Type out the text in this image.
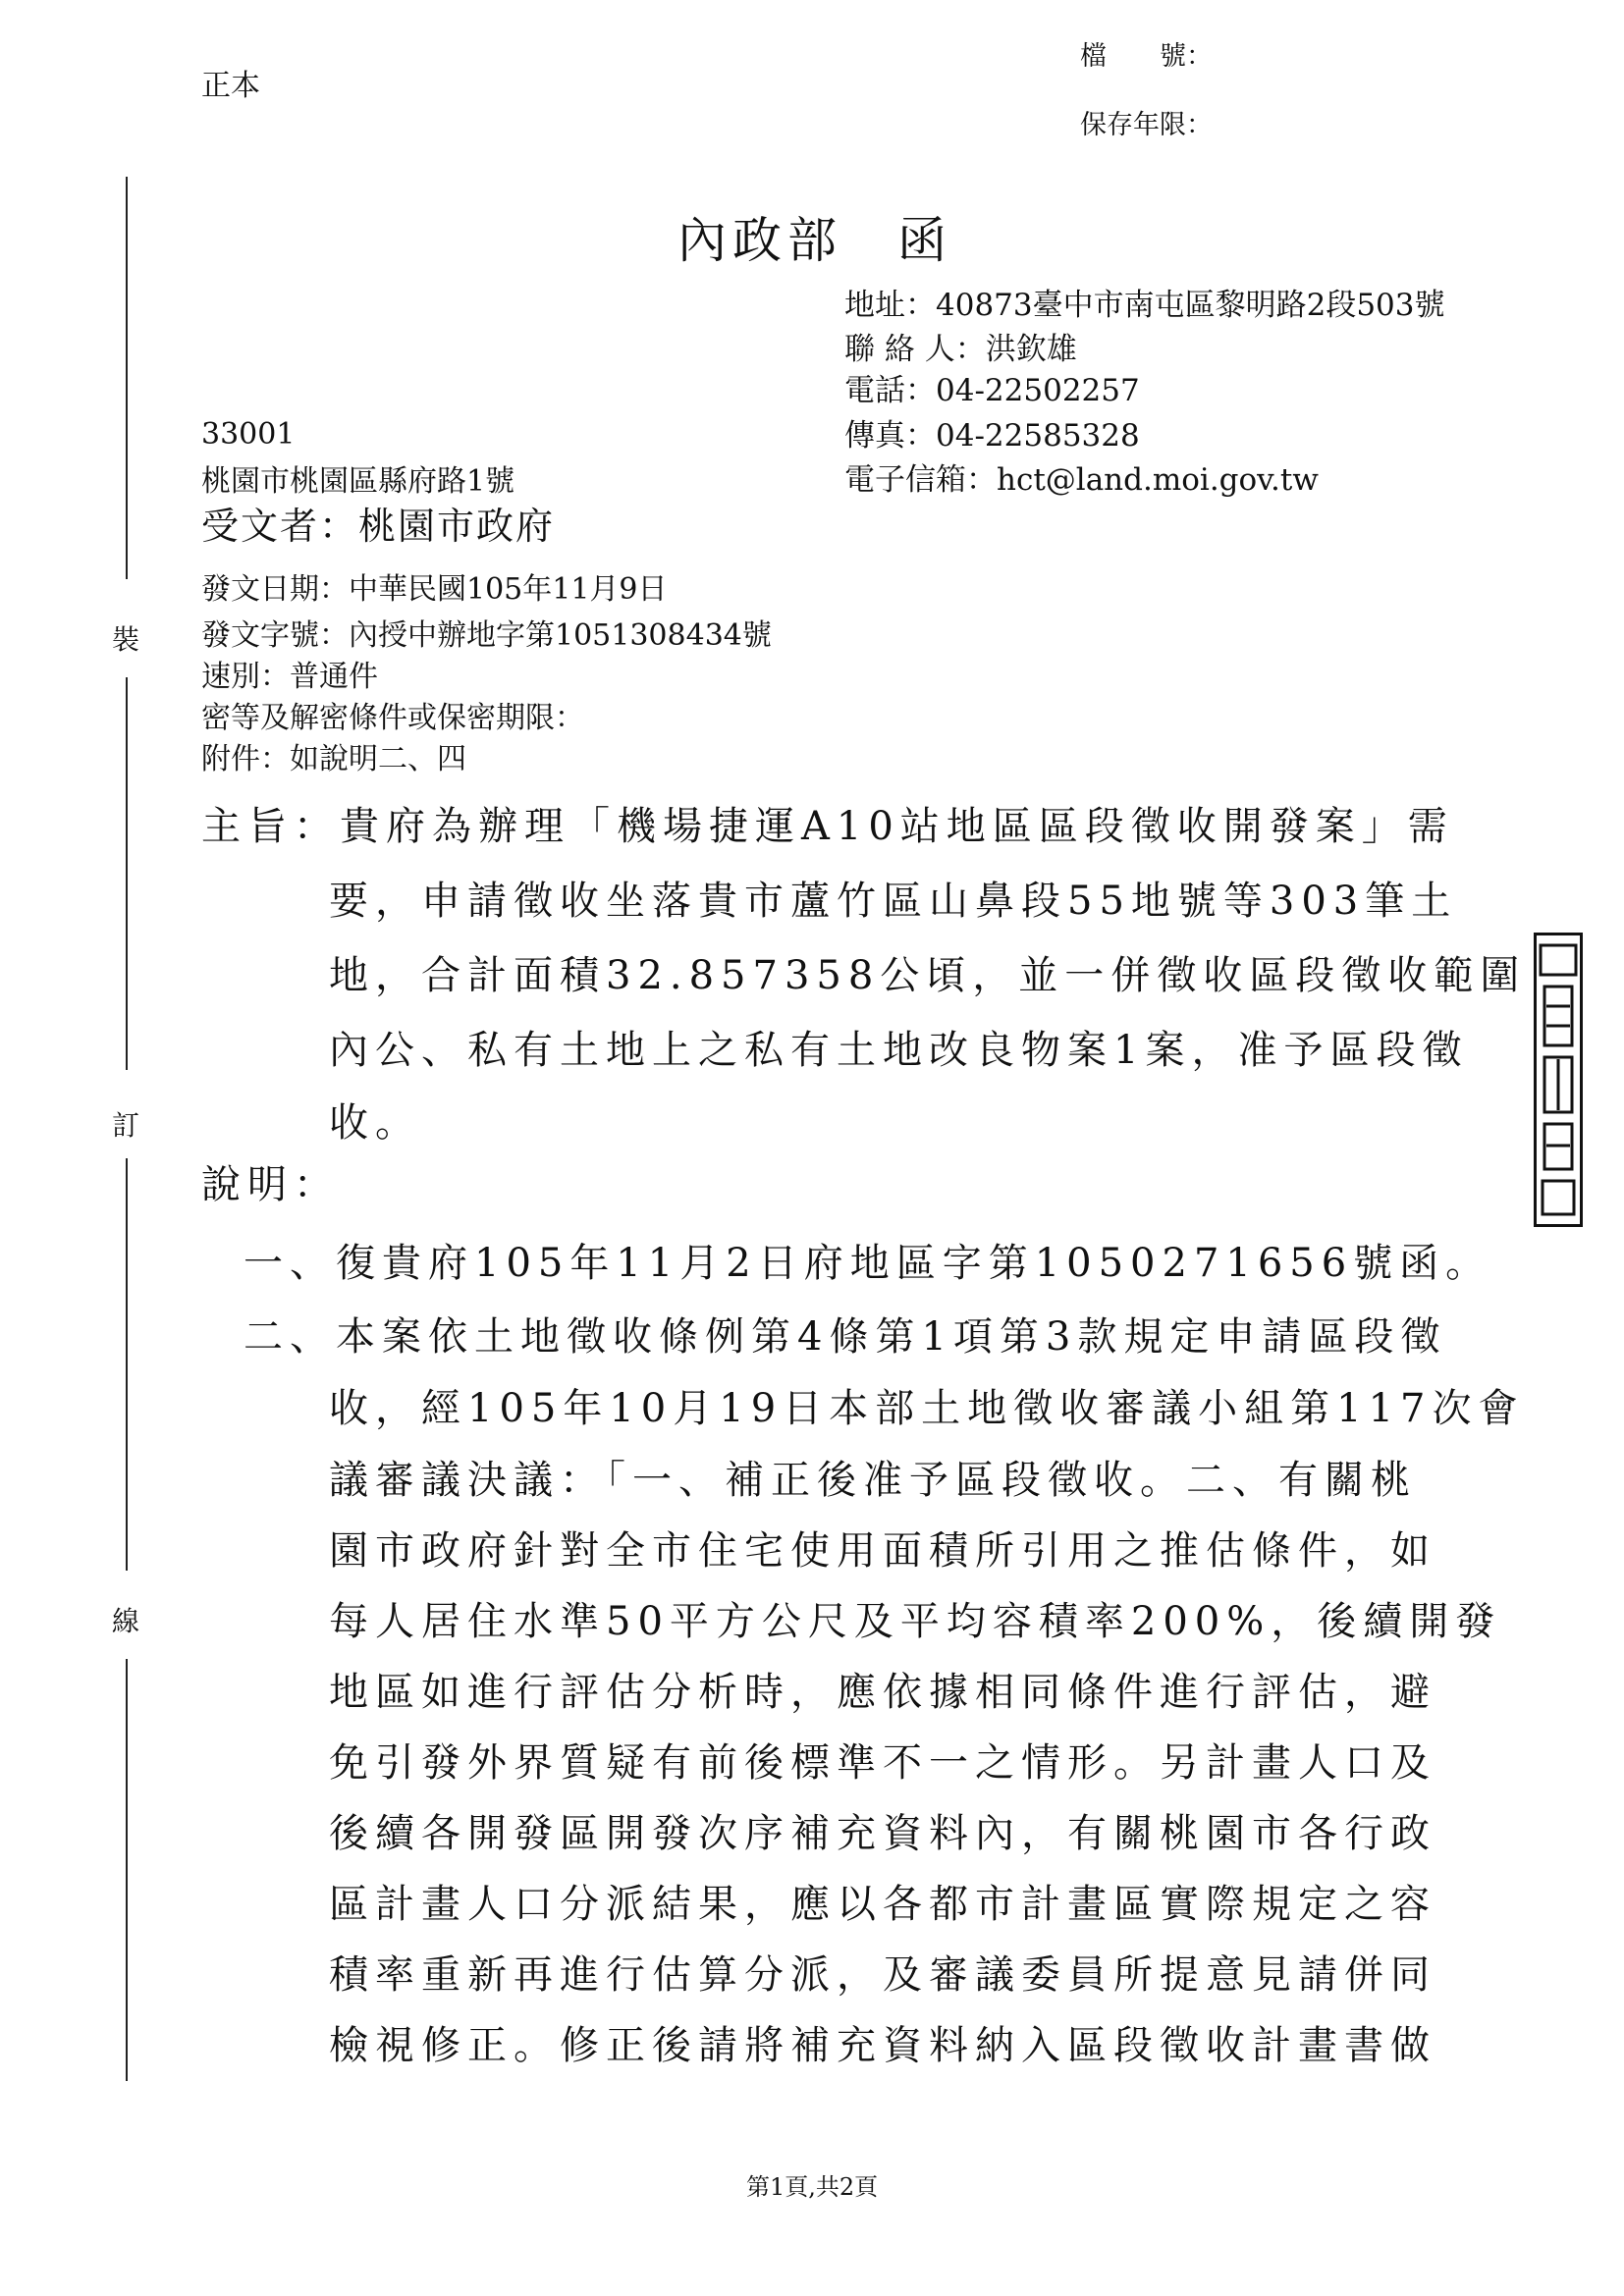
正本
檔　　號：
保存年限：
裝
訂
線
內政部　函
地址：40873臺中市南屯區黎明路2段503號
聯 絡 人：洪欽雄
電話：04-22502257
傳真：04-22585328
電子信箱：hct@land.moi.gov.tw
33001
桃園市桃園區縣府路1號
受文者：桃園市政府
發文日期：中華民國105年11月9日
發文字號：內授中辦地字第1051308434號
速別：普通件
密等及解密條件或保密期限：
附件：如說明二、四

主旨：貴府為辦理「機場捷運A10站地區區段徵收開發案」需
要，申請徵收坐落貴市蘆竹區山鼻段55地號等303筆土
地，合計面積32.857358公頃，並一併徵收區段徵收範圍
內公、私有土地上之私有土地改良物案1案，准予區段徵
收。
說明：
一、復貴府105年11月2日府地區字第1050271656號函。
二、本案依土地徵收條例第4條第1項第3款規定申請區段徵
收，經105年10月19日本部土地徵收審議小組第117次會
議審議決議：「一、補正後准予區段徵收。二、有關桃
園市政府針對全市住宅使用面積所引用之推估條件，如
每人居住水準50平方公尺及平均容積率200%，後續開發
地區如進行評估分析時，應依據相同條件進行評估，避
免引發外界質疑有前後標準不一之情形。另計畫人口及
後續各開發區開發次序補充資料內，有關桃園市各行政
區計畫人口分派結果，應以各都市計畫區實際規定之容
積率重新再進行估算分派，及審議委員所提意見請併同
檢視修正。修正後請將補充資料納入區段徵收計畫書做
第1頁,共2頁
